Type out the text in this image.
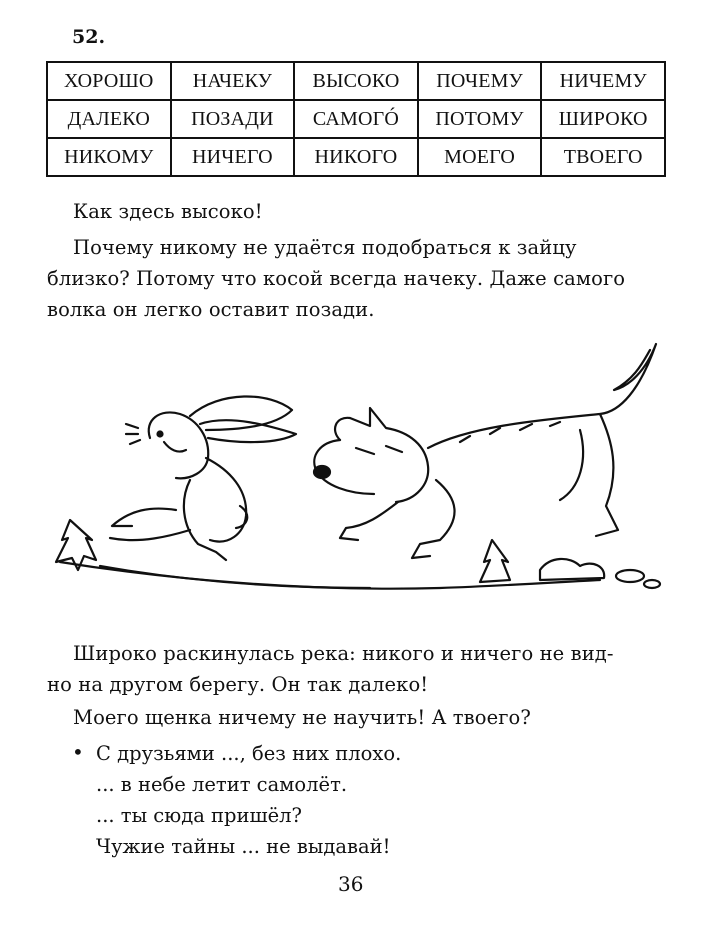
52.
ХОРОШО	НАЧЕКУ	ВЫСОКО	ПОЧЕМУ	НИЧЕМУ
ДАЛЕКО	ПОЗАДИ	САМОГÓ	ПОТОМУ	ШИРОКО
НИКОМУ	НИЧЕГО	НИКОГО	МОЕГО	ТВОЕГО
Как здесь высоко!
Почему никому не удаётся подобраться к зайцу
близко? Потому что косой всегда начеку. Даже самого
волка он легко оставит позади.
Широко раскинулась река: никого и ничего не вид-
но на другом берегу. Он так далеко!
Моего щенка ничему не научить! А твоего?
• С друзьями ..., без них плохо.
... в небе летит самолёт.
... ты сюда пришёл?
Чужие тайны ... не выдавай!
36
